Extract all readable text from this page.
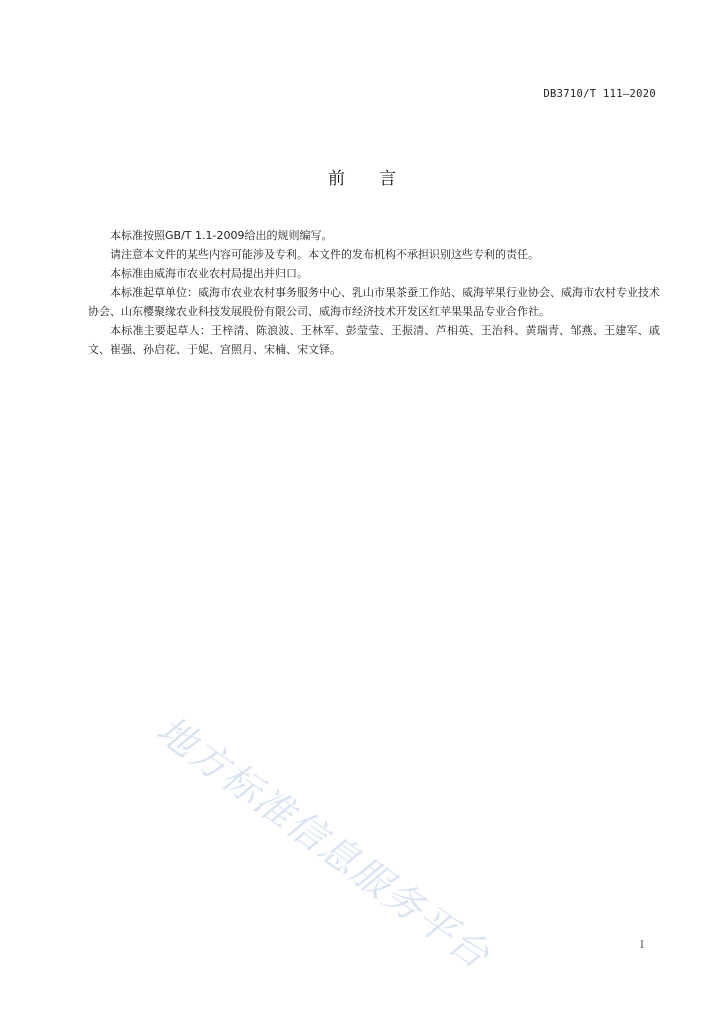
DB3710/T 111—2020
前 言

本标准按照GB/T 1.1-2009给出的规则编写。

请注意本文件的某些内容可能涉及专利。本文件的发布机构不承担识别这些专利的责任。

本标准由威海市农业农村局提出并归口。

本标准起草单位：威海市农业农村事务服务中心、乳山市果茶蚕工作站、威海苹果行业协会、威海市农村专业技术协会、山东樱聚缘农业科技发展股份有限公司、威海市经济技术开发区红苹果果品专业合作社。

本标准主要起草人：王梓清、陈浪波、王林军、彭莹莹、王振清、芦相英、王治科、黄瑞青、邹燕、王建军、戚文、崔强、孙启花、于妮、宫照月、宋楠、宋文铎。

地方标准信息服务平台	I
